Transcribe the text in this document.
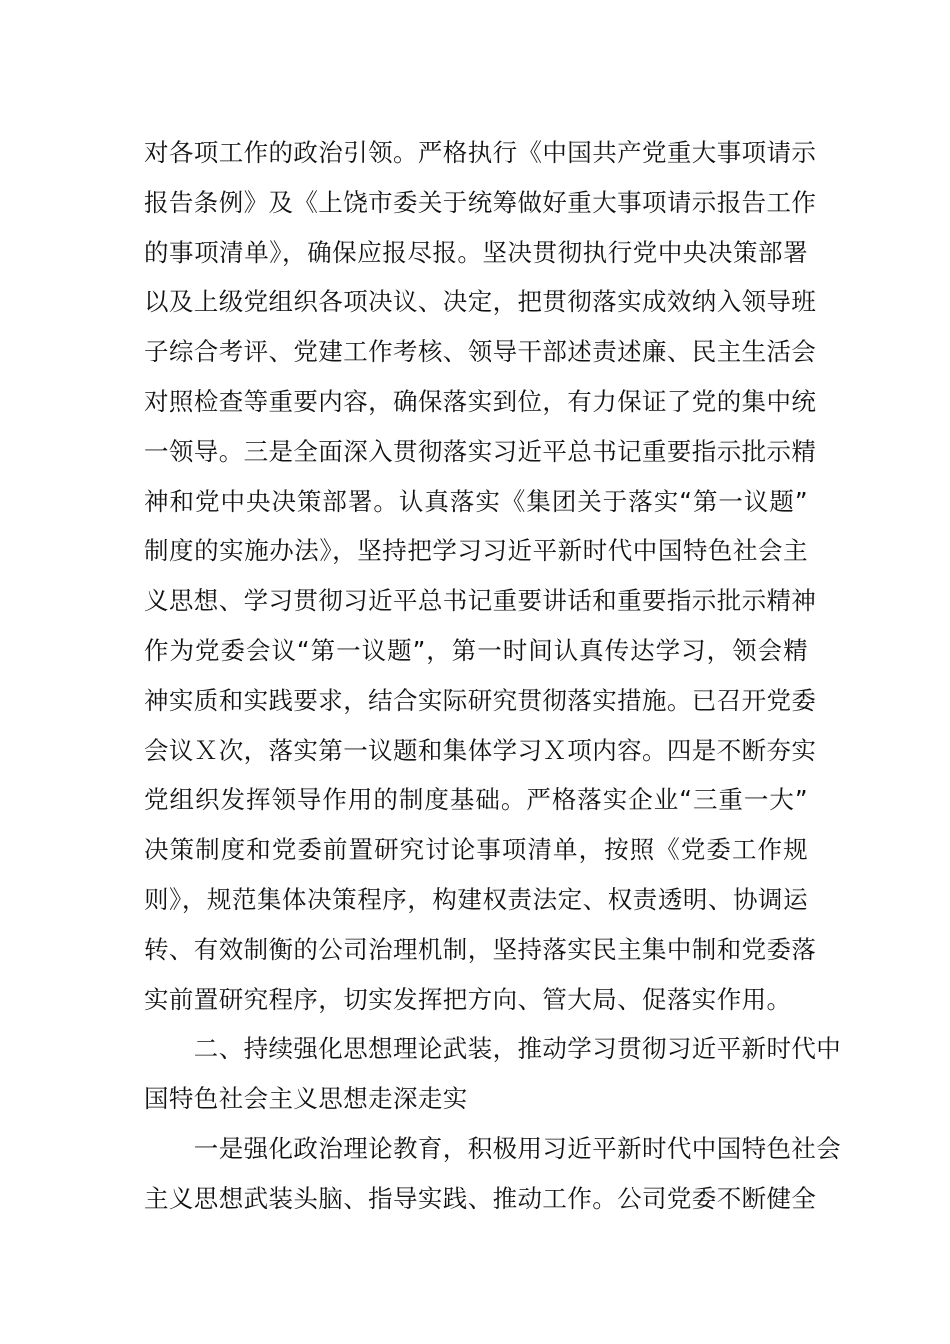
对各项工作的政治引领。严格执行《中国共产党重大事项请示
报告条例》及《上饶市委关于统筹做好重大事项请示报告工作
的事项清单》，确保应报尽报。坚决贯彻执行党中央决策部署
以及上级党组织各项决议、决定，把贯彻落实成效纳入领导班
子综合考评、党建工作考核、领导干部述责述廉、民主生活会
对照检查等重要内容，确保落实到位，有力保证了党的集中统
一领导。三是全面深入贯彻落实习近平总书记重要指示批示精
神和党中央决策部署。认真落实《集团关于落实“第一议题”
制度的实施办法》，坚持把学习习近平新时代中国特色社会主
义思想、学习贯彻习近平总书记重要讲话和重要指示批示精神
作为党委会议“第一议题”，第一时间认真传达学习，领会精
神实质和实践要求，结合实际研究贯彻落实措施。已召开党委
会议Ｘ次，落实第一议题和集体学习Ｘ项内容。四是不断夯实
党组织发挥领导作用的制度基础。严格落实企业“三重一大”
决策制度和党委前置研究讨论事项清单，按照《党委工作规
则》，规范集体决策程序，构建权责法定、权责透明、协调运
转、有效制衡的公司治理机制，坚持落实民主集中制和党委落
实前置研究程序，切实发挥把方向、管大局、促落实作用。
　　二、持续强化思想理论武装，推动学习贯彻习近平新时代中
国特色社会主义思想走深走实
　　一是强化政治理论教育，积极用习近平新时代中国特色社会
主义思想武装头脑、指导实践、推动工作。公司党委不断健全
